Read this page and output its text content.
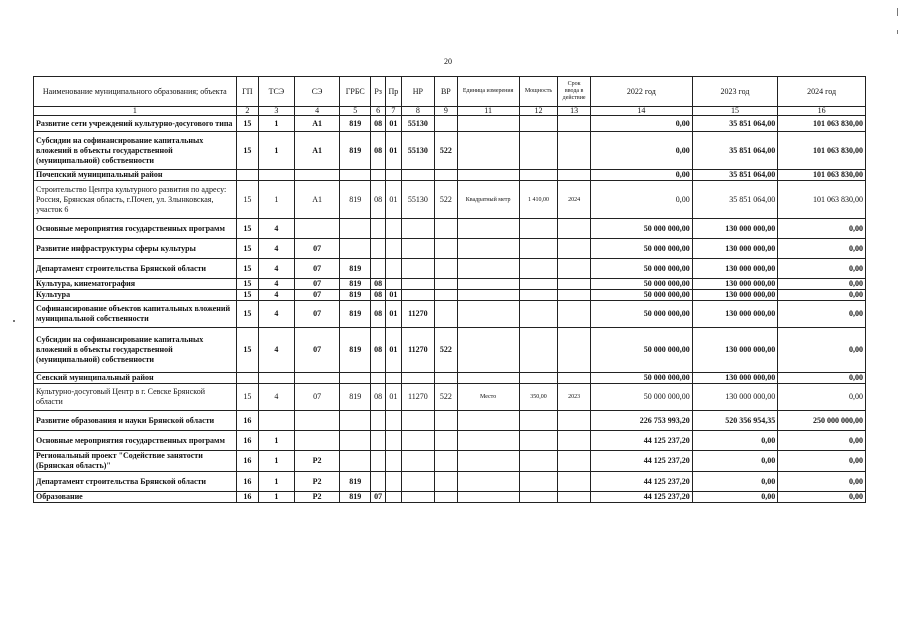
20
Наименование муниципального образования; объекта	ГП	ТСЭ	СЭ	ГРБС	Рз	Пр	НР	ВР	Единица измерения	Мощность	Срок ввода в действие	2022 год	2023 год	2024 год
1	2	3	4	5	6	7	8	9	11	12	13	14	15	16
Развитие сети учреждений культурно-досугового типа	15	1	А1	819	08	01	55130					0,00	35 851 064,00	101 063 830,00
Субсидии на софинансирование капитальных вложений в объекты государственной (муниципальной) собственности	15	1	А1	819	08	01	55130	522				0,00	35 851 064,00	101 063 830,00
Почепский муниципальный район												0,00	35 851 064,00	101 063 830,00
Строительство Центра культурного развития по адресу: Россия, Брянская область, г.Почеп, ул. Злынковская, участок 6	15	1	А1	819	08	01	55130	522	Квадратный метр	1 410,00	2024	0,00	35 851 064,00	101 063 830,00
Основные мероприятия государственных программ	15	4										50 000 000,00	130 000 000,00	0,00
Развитие инфраструктуры сферы культуры	15	4	07									50 000 000,00	130 000 000,00	0,00
Департамент строительства Брянской области	15	4	07	819								50 000 000,00	130 000 000,00	0,00
Культура, кинематография	15	4	07	819	08							50 000 000,00	130 000 000,00	0,00
Культура	15	4	07	819	08	01						50 000 000,00	130 000 000,00	0,00
Софинансирование объектов капитальных вложений муниципальной собственности	15	4	07	819	08	01	11270					50 000 000,00	130 000 000,00	0,00
Субсидии на софинансирование капитальных вложений в объекты государственной (муниципальной) собственности	15	4	07	819	08	01	11270	522				50 000 000,00	130 000 000,00	0,00
Севский муниципальный район												50 000 000,00	130 000 000,00	0,00
Культурно-досуговый Центр в г. Севске Брянской области	15	4	07	819	08	01	11270	522	Место	350,00	2023	50 000 000,00	130 000 000,00	0,00
Развитие образования и науки Брянской области	16											226 753 993,20	520 356 954,35	250 000 000,00
Основные мероприятия государственных программ	16	1										44 125 237,20	0,00	0,00
Региональный проект "Содействие занятости (Брянская область)"	16	1	Р2									44 125 237,20	0,00	0,00
Департамент строительства Брянской области	16	1	Р2	819								44 125 237,20	0,00	0,00
Образование	16	1	Р2	819	07							44 125 237,20	0,00	0,00
